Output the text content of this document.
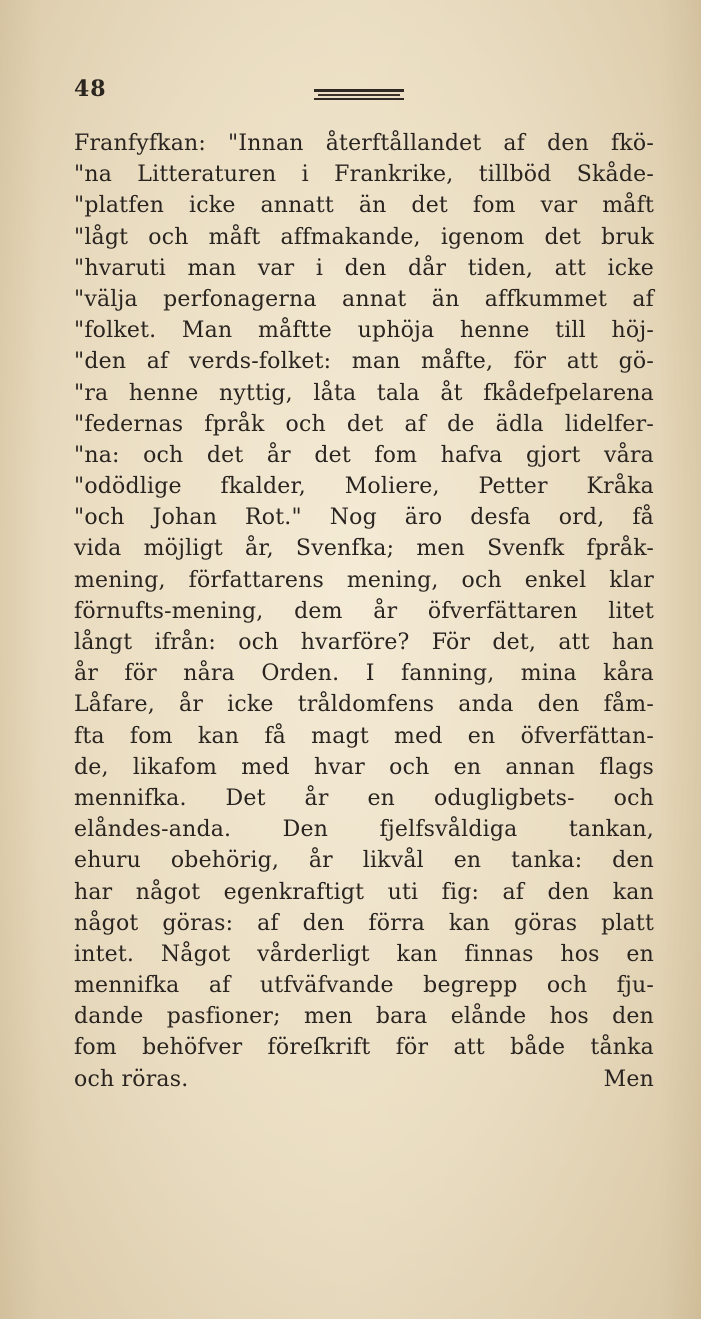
48
Franfyfkan: "Innan återftållandet af den fkö-
"na Litteraturen i Frankrike, tillböd Skåde-
"platfen icke annatt än det fom var måft
"lågt och måft affmakande, igenom det bruk
"hvaruti man var i den dår tiden, att icke
"välja perfonagerna annat än affkummet af
"folket. Man måftte uphöja henne till höj-
"den af verds-folket: man måfte, för att gö-
"ra henne nyttig, låta tala åt fkådefpelarena
"federnas fpråk och det af de ädla lidelfer-
"na: och det år det fom hafva gjort våra
"odödlige fkalder, Moliere, Petter Kråka
"och Johan Rot." Nog äro desfa ord, få
vida möjligt år, Svenfka; men Svenfk fpråk-
mening, författarens mening, och enkel klar
förnufts-mening, dem år öfverfättaren litet
långt ifrån: och hvarföre? För det, att han
år för nåra Orden. I fanning, mina kåra
Låfare, år icke tråldomfens anda den fåm-
fta fom kan få magt med en öfverfättan-
de, likafom med hvar och en annan flags
mennifka. Det år en odugligbets- och
elåndes-anda. Den fjelfsvåldiga tankan,
ehuru obehörig, år likvål en tanka: den
har något egenkraftigt uti fig: af den kan
något göras: af den förra kan göras platt
intet. Något vårderligt kan finnas hos en
mennifka af utfväfvande begrepp och fju-
dande pasfioner; men bara elånde hos den
fom behöfver föreſkrift för att både tånka
och röras.	Men
